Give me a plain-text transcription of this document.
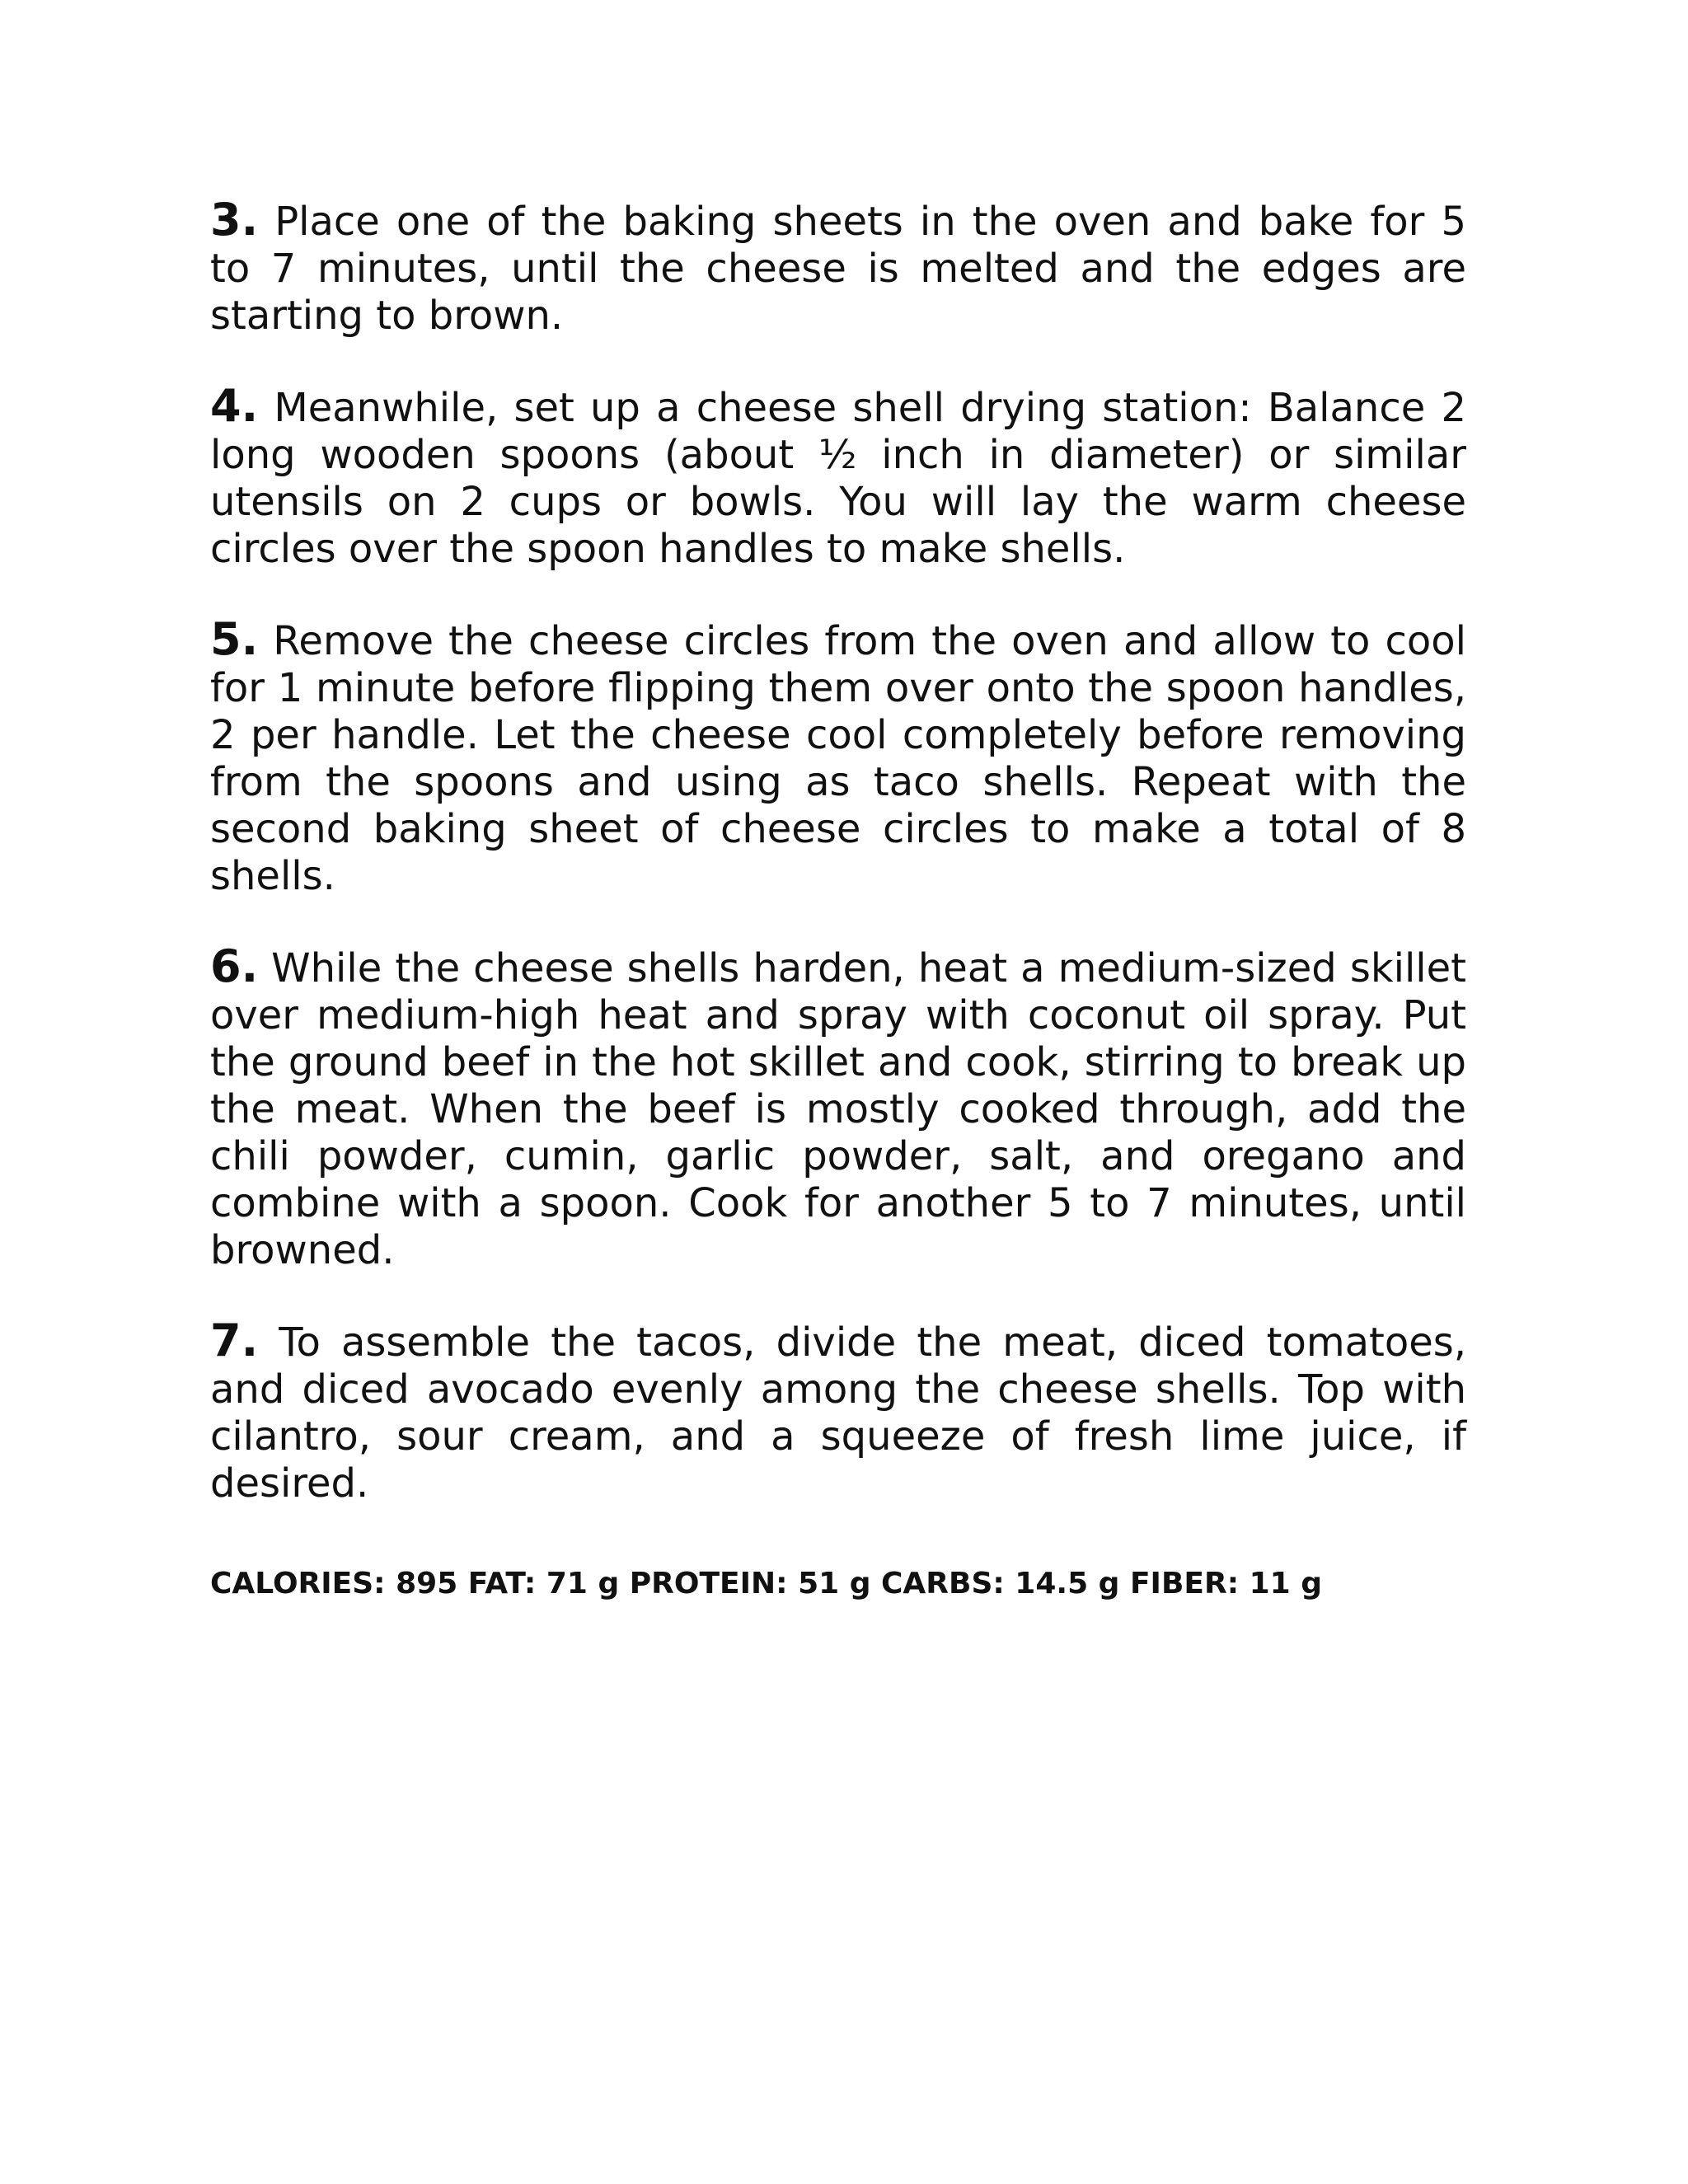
3. Place one of the baking sheets in the oven and bake for 5 to 7 minutes, until the cheese is melted and the edges are starting to brown.

4. Meanwhile, set up a cheese shell drying station: Balance 2 long wooden spoons (about ½ inch in diameter) or similar utensils on 2 cups or bowls. You will lay the warm cheese circles over the spoon handles to make shells.

5. Remove the cheese circles from the oven and allow to cool for 1 minute before flipping them over onto the spoon handles, 2 per handle. Let the cheese cool completely before removing from the spoons and using as taco shells. Repeat with the second baking sheet of cheese circles to make a total of 8 shells.

6. While the cheese shells harden, heat a medium-sized skillet over medium-high heat and spray with coconut oil spray. Put the ground beef in the hot skillet and cook, stirring to break up the meat. When the beef is mostly cooked through, add the chili powder, cumin, garlic powder, salt, and oregano and combine with a spoon. Cook for another 5 to 7 minutes, until browned.

7. To assemble the tacos, divide the meat, diced tomatoes, and diced avocado evenly among the cheese shells. Top with cilantro, sour cream, and a squeeze of fresh lime juice, if desired.

CALORIES: 895 FAT: 71 g PROTEIN: 51 g CARBS: 14.5 g FIBER: 11 g
